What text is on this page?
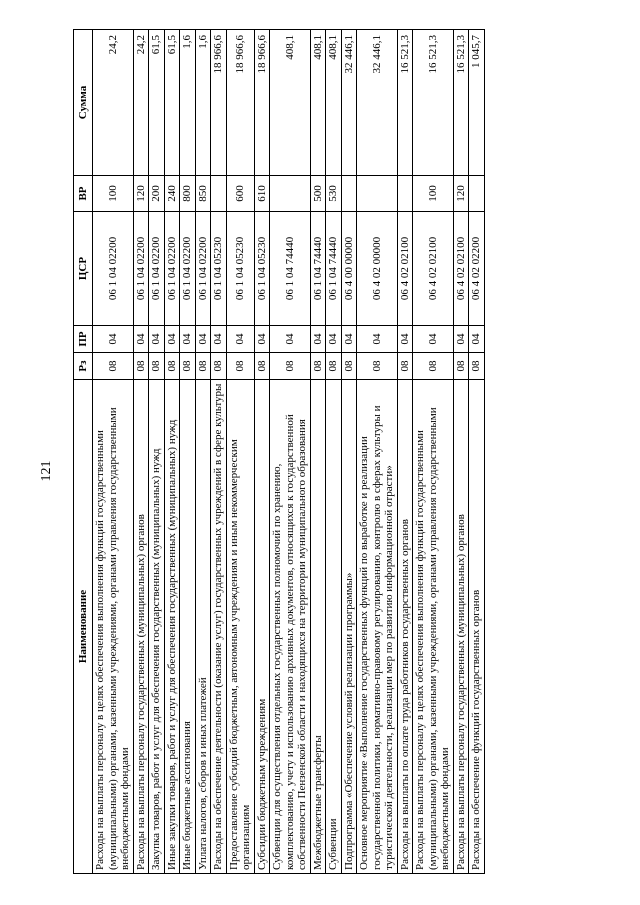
121
Наименование	Рз	ПР	ЦСР	ВР	Сумма
Расходы на выплаты персоналу в целях обеспечения выполнения функций государственными (муниципальными) органами, казенными учреждениями, органами управления государственными внебюджетными фондами	08	04	06 1 04 02200	100	24,2
Расходы на выплаты персоналу государственных (муниципальных) органов	08	04	06 1 04 02200	120	24,2
Закупка товаров, работ и услуг для обеспечения государственных (муниципальных) нужд	08	04	06 1 04 02200	200	61,5
Иные закупки товаров, работ и услуг для обеспечения государственных (муниципальных) нужд	08	04	06 1 04 02200	240	61,5
Иные бюджетные ассигнования	08	04	06 1 04 02200	800	1,6
Уплата налогов, сборов и иных платежей	08	04	06 1 04 02200	850	1,6
Расходы на обеспечение деятельности (оказание услуг) государственных учреждений в сфере культуры	08	04	06 1 04 05230		18 966,6
Предоставление субсидий бюджетным, автономным учреждениям и иным некоммерческим организациям	08	04	06 1 04 05230	600	18 966,6
Субсидии бюджетным учреждениям	08	04	06 1 04 05230	610	18 966,6
Субвенции для осуществления отдельных государственных полномочий по хранению, комплектованию, учету и использованию архивных документов, относящихся к государственной собственности Пензенской области и находящихся на территории муниципального образования	08	04	06 1 04 74440		408,1
Межбюджетные трансферты	08	04	06 1 04 74440	500	408,1
Субвенции	08	04	06 1 04 74440	530	408,1
Подпрограмма «Обеспечение условий реализации программы»	08	04	06 4 00 00000		32 446,1
Основное мероприятие «Выполнение государственных функций по выработке и реализации государственной политики, нормативно-правовому регулированию, контролю в сферах культуры и туристической деятельности, реализации мер по развитию информационной отрасти»	08	04	06 4 02 00000		32 446,1
Расходы на выплаты по оплате труда работников государственных органов	08	04	06 4 02 02100		16 521,3
Расходы на выплаты персоналу в целях обеспечения выполнения функций государственными (муниципальными) органами, казенными учреждениями, органами управления государственными внебюджетными фондами	08	04	06 4 02 02100	100	16 521,3
Расходы на выплаты персоналу государственных (муниципальных) органов	08	04	06 4 02 02100	120	16 521,3
Расходы на обеспечение функций государственных органов	08	04	06 4 02 02200		1 045,7
